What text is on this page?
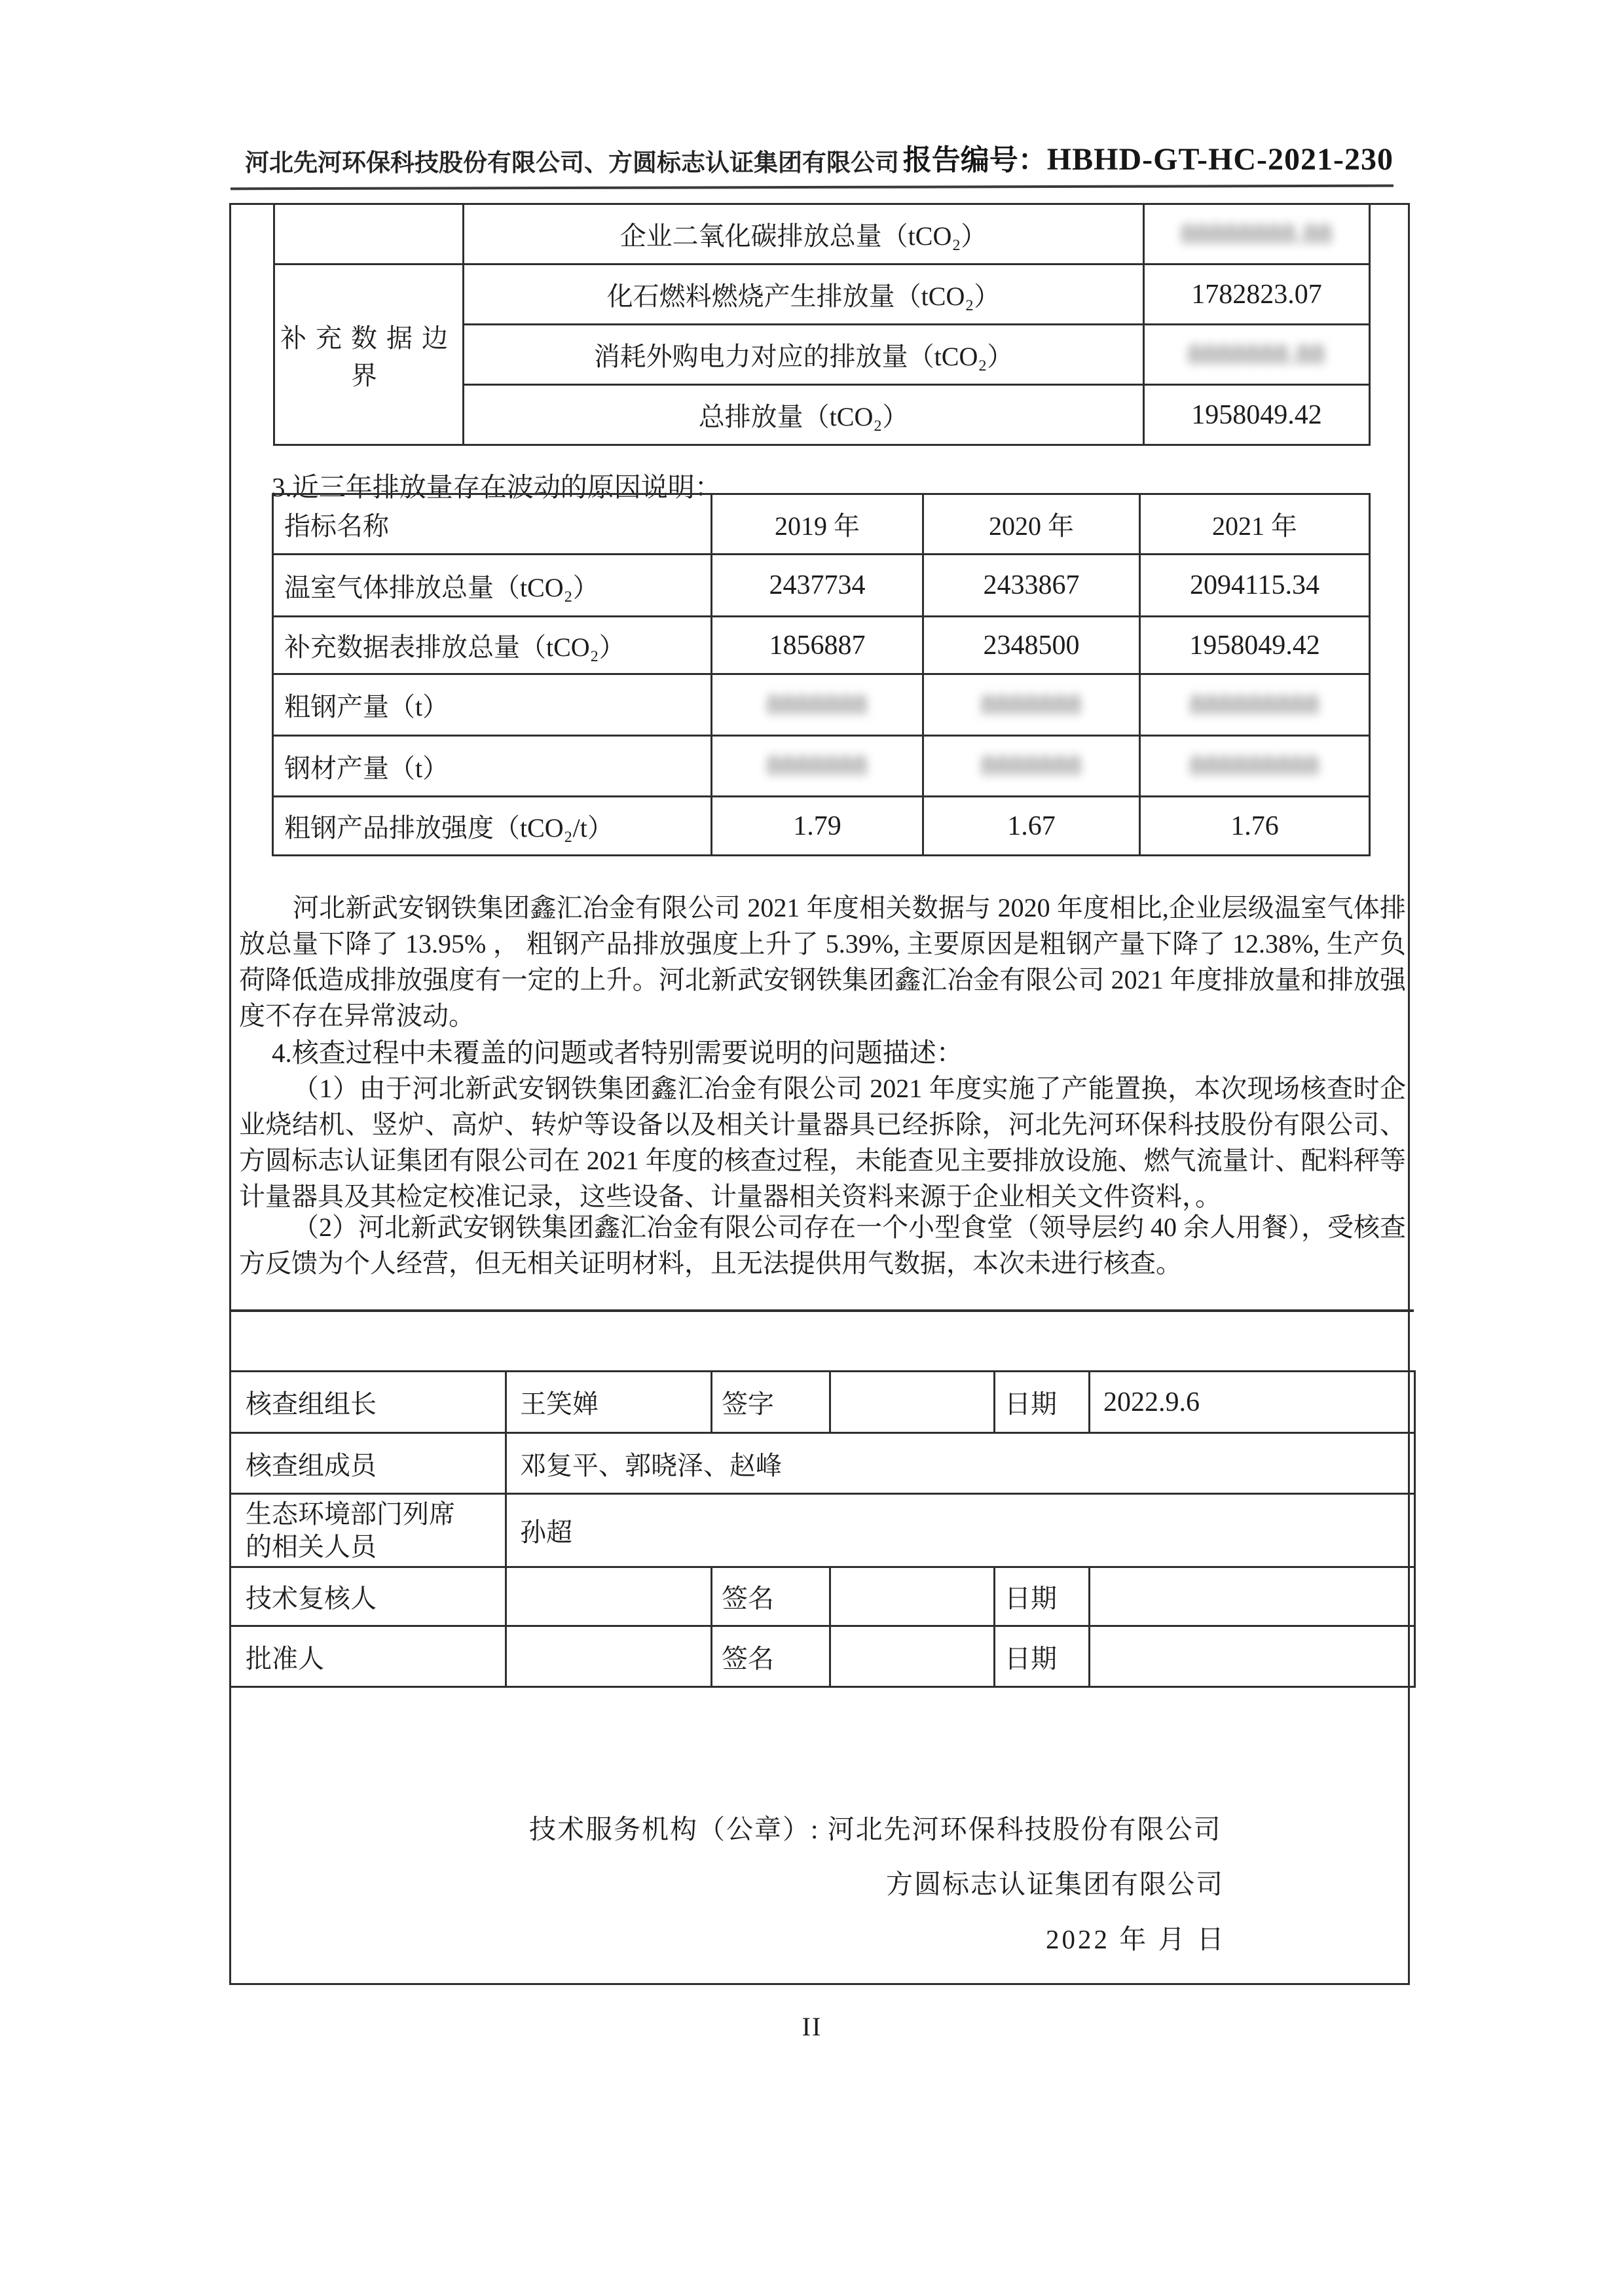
河北先河环保科技股份有限公司、方圆标志认证集团有限公司 报告编号：HBHD-GT-HC-2021-230
	企业二氧化碳排放总量（tCO₂）	88888888.88
补充数据边界	化石燃料燃烧产生排放量（tCO₂）	1782823.07
	消耗外购电力对应的排放量（tCO₂）	8888888.88
	总排放量（tCO₂）	1958049.42
3.近三年排放量存在波动的原因说明：
指标名称	2019 年	2020 年	2021 年
温室气体排放总量（tCO₂）	2437734	2433867	2094115.34
补充数据表排放总量（tCO₂）	1856887	2348500	1958049.42
粗钢产量（t）	8888888	8888888	888888888
钢材产量（t）	8888888	8888888	888888888
粗钢产品排放强度（tCO₂/t）	1.79	1.67	1.76

河北新武安钢铁集团鑫汇冶金有限公司 2021 年度相关数据与 2020 年度相比,企业层级温室气体排放总量下降了 13.95% ， 粗钢产品排放强度上升了 5.39%, 主要原因是粗钢产量下降了 12.38%, 生产负荷降低造成排放强度有一定的上升。河北新武安钢铁集团鑫汇冶金有限公司 2021 年度排放量和排放强度不存在异常波动。

4.核查过程中未覆盖的问题或者特别需要说明的问题描述：

（1）由于河北新武安钢铁集团鑫汇冶金有限公司 2021 年度实施了产能置换，本次现场核查时企业烧结机、竖炉、高炉、转炉等设备以及相关计量器具已经拆除，河北先河环保科技股份有限公司、方圆标志认证集团有限公司在 2021 年度的核查过程，未能查见主要排放设施、燃气流量计、配料秤等计量器具及其检定校准记录，这些设备、计量器相关资料来源于企业相关文件资料，。

（2）河北新武安钢铁集团鑫汇冶金有限公司存在一个小型食堂（领导层约 40 余人用餐），受核查方反馈为个人经营，但无相关证明材料，且无法提供用气数据，本次未进行核查。

核查组组长	王笑婵	签字		日期	2022.9.6
核查组成员	邓复平、郭晓泽、赵峰				
生态环境部门列席的相关人员	孙超				
技术复核人		签名		日期	
批准人		签名		日期	
技术服务机构（公章）: 河北先河环保科技股份有限公司
方圆标志认证集团有限公司
2022 年 月 日
II
